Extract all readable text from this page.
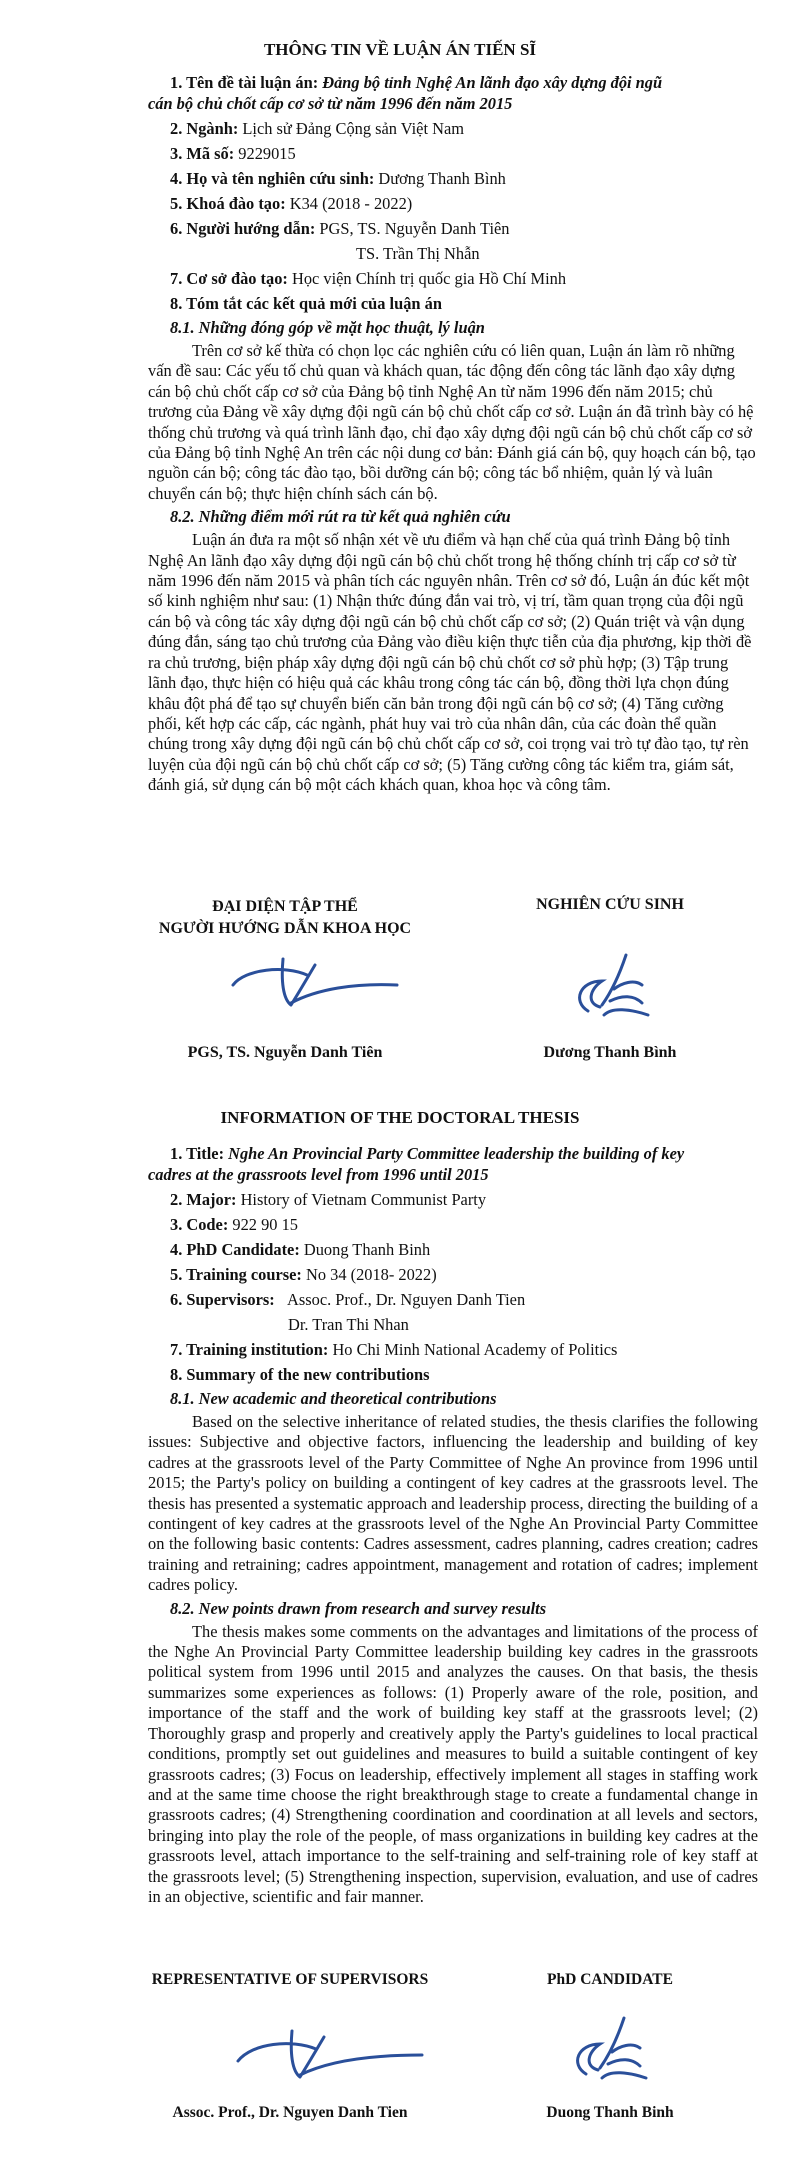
THÔNG TIN VỀ LUẬN ÁN TIẾN SĨ
1. Tên đề tài luận án: Đảng bộ tỉnh Nghệ An lãnh đạo xây dựng đội ngũ
cán bộ chủ chốt cấp cơ sở từ năm 1996 đến năm 2015
2. Ngành: Lịch sử Đảng Cộng sản Việt Nam
3. Mã số: 9229015
4. Họ và tên nghiên cứu sinh: Dương Thanh Bình
5. Khoá đào tạo: K34 (2018 - 2022)
6. Người hướng dẫn: PGS, TS. Nguyễn Danh Tiên
TS. Trần Thị Nhẫn
7. Cơ sở đào tạo: Học viện Chính trị quốc gia Hồ Chí Minh
8. Tóm tắt các kết quả mới của luận án
8.1. Những đóng góp về mặt học thuật, lý luận

Trên cơ sở kế thừa có chọn lọc các nghiên cứu có liên quan, Luận án làm rõ những vấn đề sau: Các yếu tố chủ quan và khách quan, tác động đến công tác lãnh đạo xây dựng cán bộ chủ chốt cấp cơ sở của Đảng bộ tỉnh Nghệ An từ năm 1996 đến năm 2015; chủ trương của Đảng về xây dựng đội ngũ cán bộ chủ chốt cấp cơ sở. Luận án đã trình bày có hệ thống chủ trương và quá trình lãnh đạo, chỉ đạo xây dựng đội ngũ cán bộ chủ chốt cấp cơ sở của Đảng bộ tỉnh Nghệ An trên các nội dung cơ bản: Đánh giá cán bộ, quy hoạch cán bộ, tạo nguồn cán bộ; công tác đào tạo, bồi dưỡng cán bộ; công tác bổ nhiệm, quản lý và luân chuyển cán bộ; thực hiện chính sách cán bộ.

8.2. Những điểm mới rút ra từ kết quả nghiên cứu

Luận án đưa ra một số nhận xét về ưu điểm và hạn chế của quá trình Đảng bộ tỉnh Nghệ An lãnh đạo xây dựng đội ngũ cán bộ chủ chốt trong hệ thống chính trị cấp cơ sở từ năm 1996 đến năm 2015 và phân tích các nguyên nhân. Trên cơ sở đó, Luận án đúc kết một số kinh nghiệm như sau: (1) Nhận thức đúng đắn vai trò, vị trí, tầm quan trọng của đội ngũ cán bộ và công tác xây dựng đội ngũ cán bộ chủ chốt cấp cơ sở; (2) Quán triệt và vận dụng đúng đắn, sáng tạo chủ trương của Đảng vào điều kiện thực tiễn của địa phương, kịp thời đề ra chủ trương, biện pháp xây dựng đội ngũ cán bộ chủ chốt cơ sở phù hợp; (3) Tập trung lãnh đạo, thực hiện có hiệu quả các khâu trong công tác cán bộ, đồng thời lựa chọn đúng khâu đột phá để tạo sự chuyển biến căn bản trong đội ngũ cán bộ cơ sở; (4) Tăng cường phối, kết hợp các cấp, các ngành, phát huy vai trò của nhân dân, của các đoàn thể quần chúng trong xây dựng đội ngũ cán bộ chủ chốt cấp cơ sở, coi trọng vai trò tự đào tạo, tự rèn luyện của đội ngũ cán bộ chủ chốt cấp cơ sở; (5) Tăng cường công tác kiểm tra, giám sát, đánh giá, sử dụng cán bộ một cách khách quan, khoa học và công tâm.

ĐẠI DIỆN TẬP THỂ
NGƯỜI HƯỚNG DẪN KHOA HỌC
NGHIÊN CỨU SINH
PGS, TS. Nguyễn Danh Tiên	Dương Thanh Bình
INFORMATION OF THE DOCTORAL THESIS
1. Title: Nghe An Provincial Party Committee leadership the building of key
cadres at the grassroots level from 1996 until 2015
2. Major: History of Vietnam Communist Party
3. Code: 922 90 15
4. PhD Candidate: Duong Thanh Binh
5. Training course: No 34 (2018- 2022)
6. Supervisors: Assoc. Prof., Dr. Nguyen Danh Tien
Dr. Tran Thi Nhan
7. Training institution: Ho Chi Minh National Academy of Politics
8. Summary of the new contributions
8.1. New academic and theoretical contributions

Based on the selective inheritance of related studies, the thesis clarifies the following issues: Subjective and objective factors, influencing the leadership and building of key cadres at the grassroots level of the Party Committee of Nghe An province from 1996 until 2015; the Party's policy on building a contingent of key cadres at the grassroots level. The thesis has presented a systematic approach and leadership process, directing the building of a contingent of key cadres at the grassroots level of the Nghe An Provincial Party Committee on the following basic contents: Cadres assessment, cadres planning, cadres creation; cadres training and retraining; cadres appointment, management and rotation of cadres; implement cadres policy.

8.2. New points drawn from research and survey results

The thesis makes some comments on the advantages and limitations of the process of the Nghe An Provincial Party Committee leadership building key cadres in the grassroots political system from 1996 until 2015 and analyzes the causes. On that basis, the thesis summarizes some experiences as follows: (1) Properly aware of the role, position, and importance of the staff and the work of building key staff at the grassroots level; (2) Thoroughly grasp and properly and creatively apply the Party's guidelines to local practical conditions, promptly set out guidelines and measures to build a suitable contingent of key grassroots cadres; (3) Focus on leadership, effectively implement all stages in staffing work and at the same time choose the right breakthrough stage to create a fundamental change in grassroots cadres; (4) Strengthening coordination and coordination at all levels and sectors, bringing into play the role of the people, of mass organizations in building key cadres at the grassroots level, attach importance to the self-training and self-training role of key staff at the grassroots level; (5) Strengthening inspection, supervision, evaluation, and use of cadres in an objective, scientific and fair manner.

REPRESENTATIVE OF SUPERVISORS	PhD CANDIDATE
Assoc. Prof., Dr. Nguyen Danh Tien	Duong Thanh Binh
